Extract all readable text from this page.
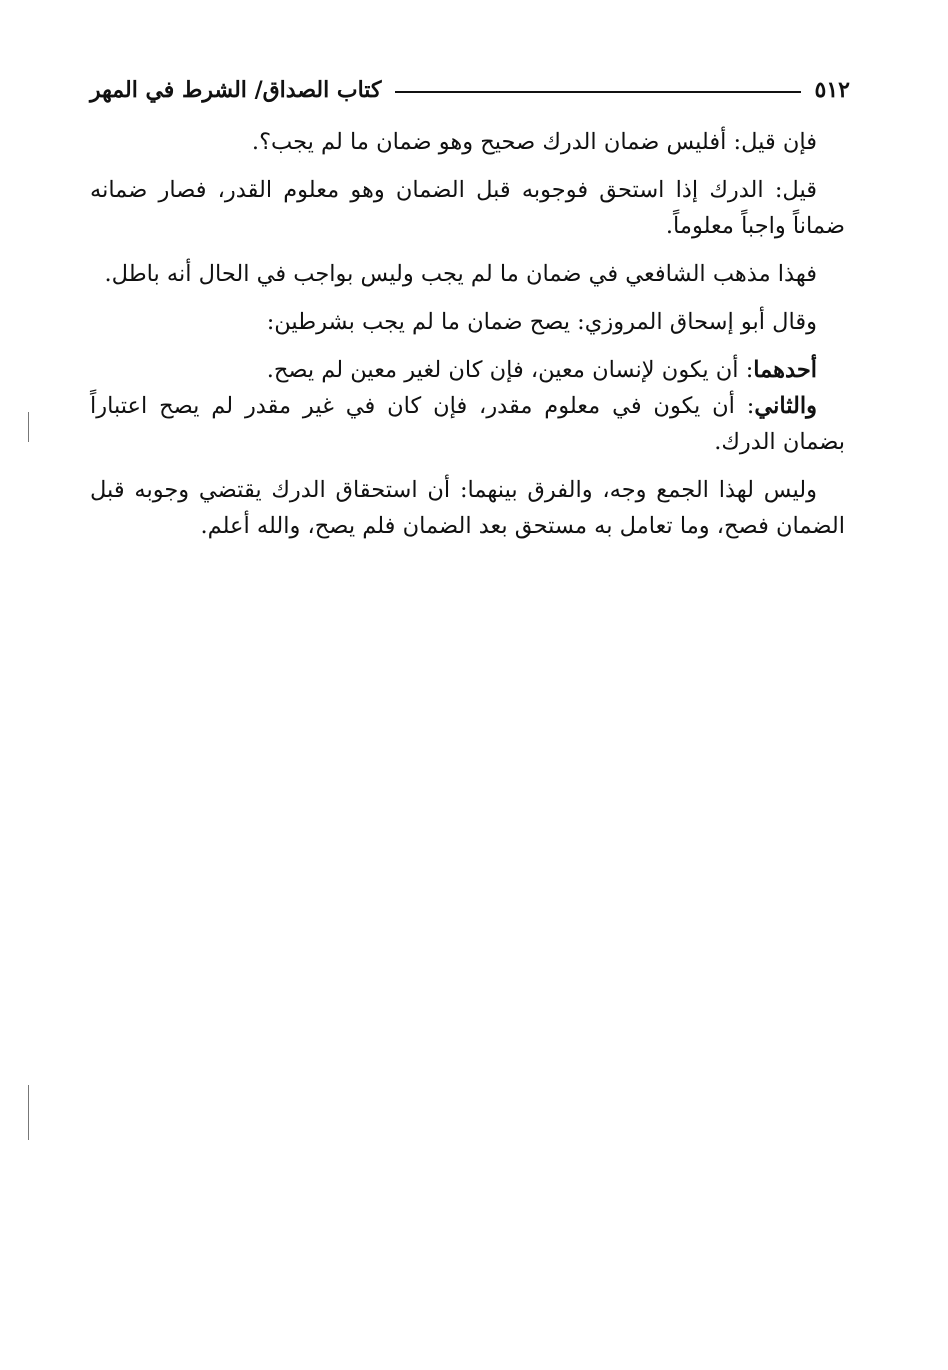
٥١٢
كتاب الصداق/ الشرط في المهر

فإن قيل: أفليس ضمان الدرك صحيح وهو ضمان ما لم يجب؟.

قيل: الدرك إذا استحق فوجوبه قبل الضمان وهو معلوم القدر، فصار ضمانه ضماناً واجباً معلوماً.

فهذا مذهب الشافعي في ضمان ما لم يجب وليس بواجب في الحال أنه باطل.

وقال أبو إسحاق المروزي: يصح ضمان ما لم يجب بشرطين:

أحدهما: أن يكون لإنسان معين، فإن كان لغير معين لم يصح.

والثاني: أن يكون في معلوم مقدر، فإن كان في غير مقدر لم يصح اعتباراً بضمان الدرك.

وليس لهذا الجمع وجه، والفرق بينهما: أن استحقاق الدرك يقتضي وجوبه قبل الضمان فصح، وما تعامل به مستحق بعد الضمان فلم يصح، والله أعلم.
